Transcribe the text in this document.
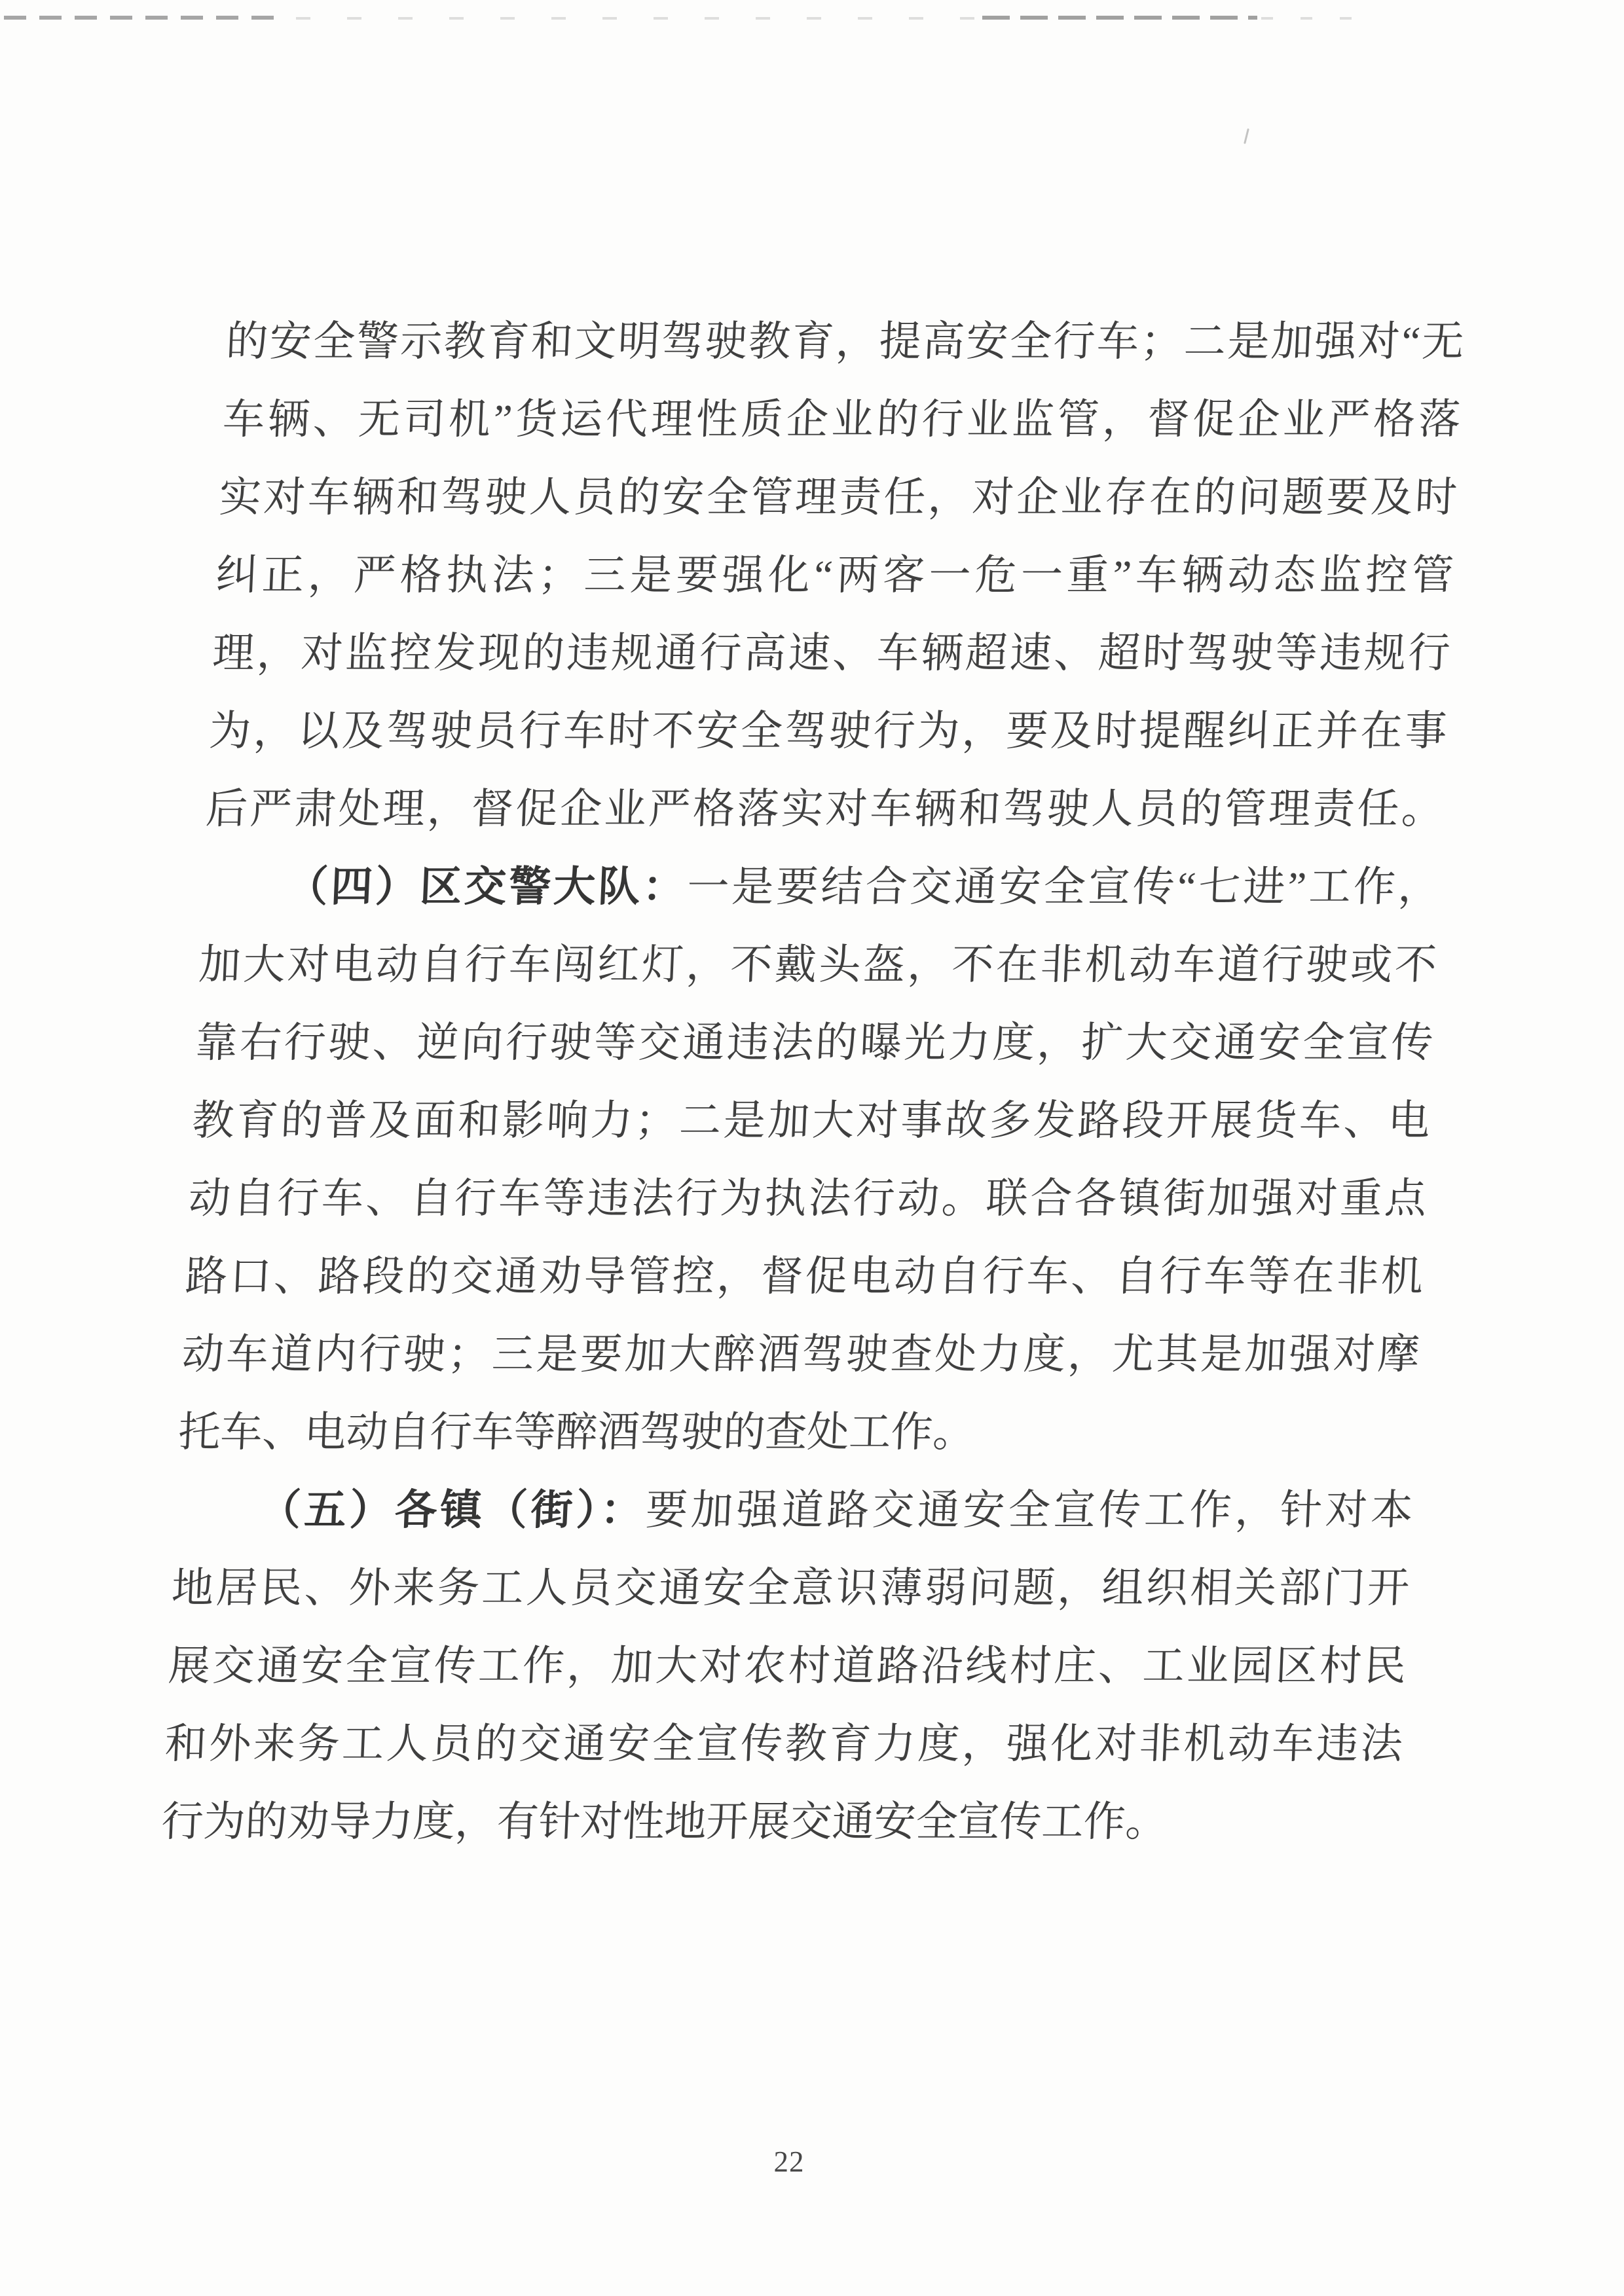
的安全警示教育和文明驾驶教育，提高安全行车；二是加强对“无
车辆、无司机”货运代理性质企业的行业监管，督促企业严格落
实对车辆和驾驶人员的安全管理责任，对企业存在的问题要及时
纠正，严格执法；三是要强化“两客一危一重”车辆动态监控管
理，对监控发现的违规通行高速、车辆超速、超时驾驶等违规行
为，以及驾驶员行车时不安全驾驶行为，要及时提醒纠正并在事
后严肃处理，督促企业严格落实对车辆和驾驶人员的管理责任。
（四）区交警大队：一是要结合交通安全宣传“七进”工作，
加大对电动自行车闯红灯，不戴头盔，不在非机动车道行驶或不
靠右行驶、逆向行驶等交通违法的曝光力度，扩大交通安全宣传
教育的普及面和影响力；二是加大对事故多发路段开展货车、电
动自行车、自行车等违法行为执法行动。联合各镇街加强对重点
路口、路段的交通劝导管控，督促电动自行车、自行车等在非机
动车道内行驶；三是要加大醉酒驾驶查处力度，尤其是加强对摩
托车、电动自行车等醉酒驾驶的查处工作。
（五）各镇（街）：要加强道路交通安全宣传工作，针对本
地居民、外来务工人员交通安全意识薄弱问题，组织相关部门开
展交通安全宣传工作，加大对农村道路沿线村庄、工业园区村民
和外来务工人员的交通安全宣传教育力度，强化对非机动车违法
行为的劝导力度，有针对性地开展交通安全宣传工作。
22
